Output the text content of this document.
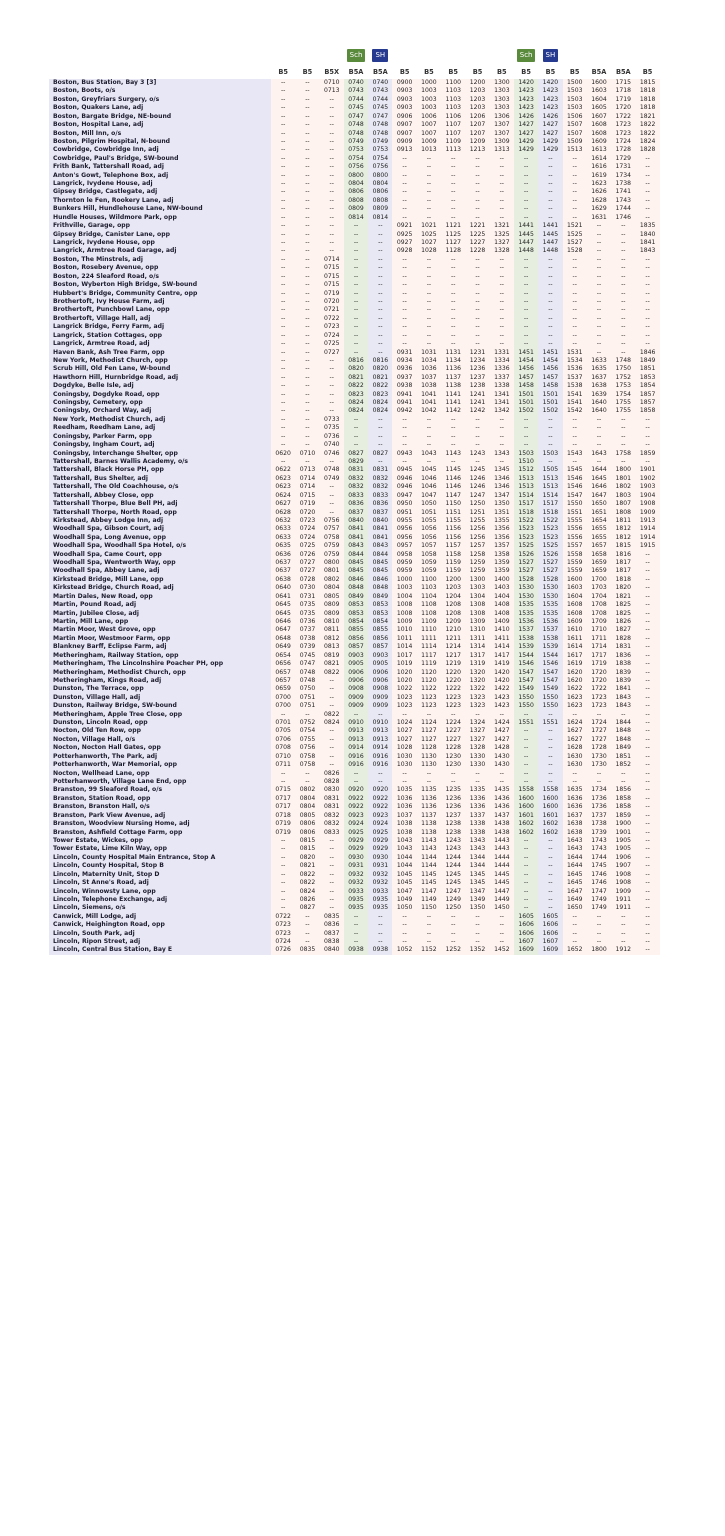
				Sch	SH						Sch	SH				
	B5	B5	B5X	B5A	B5A	B5	B5	B5	B5	B5	B5	B5	B5	B5A	B5A	B5
Boston, Bus Station, Bay 3 [3]	--	--	0710	0740	0740	0900	1000	1100	1200	1300	1420	1420	1500	1600	1715	1815
Boston, Boots, o/s	--	--	0713	0743	0743	0903	1003	1103	1203	1303	1423	1423	1503	1603	1718	1818
Boston, Greyfriars Surgery, o/s	--	--	--	0744	0744	0903	1003	1103	1203	1303	1423	1423	1503	1604	1719	1818
Boston, Quakers Lane, adj	--	--	--	0745	0745	0903	1003	1103	1203	1303	1423	1423	1503	1605	1720	1818
Boston, Bargate Bridge, NE-bound	--	--	--	0747	0747	0906	1006	1106	1206	1306	1426	1426	1506	1607	1722	1821
Boston, Hospital Lane, adj	--	--	--	0748	0748	0907	1007	1107	1207	1307	1427	1427	1507	1608	1723	1822
Boston, Mill Inn, o/s	--	--	--	0748	0748	0907	1007	1107	1207	1307	1427	1427	1507	1608	1723	1822
Boston, Pilgrim Hospital, N-bound	--	--	--	0749	0749	0909	1009	1109	1209	1309	1429	1429	1509	1609	1724	1824
Cowbridge, Cowbridge Inn, adj	--	--	--	0753	0753	0913	1013	1113	1213	1313	1429	1429	1513	1613	1728	1828
Cowbridge, Paul's Bridge, SW-bound	--	--	--	0754	0754	--	--	--	--	--	--	--	--	1614	1729	--
Frith Bank, Tattershall Road, adj	--	--	--	0756	0756	--	--	--	--	--	--	--	--	1616	1731	--
Anton's Gowt, Telephone Box, adj	--	--	--	0800	0800	--	--	--	--	--	--	--	--	1619	1734	--
Langrick, Ivydene House, adj	--	--	--	0804	0804	--	--	--	--	--	--	--	--	1623	1738	--
Gipsey Bridge, Castlegate, adj	--	--	--	0806	0806	--	--	--	--	--	--	--	--	1626	1741	--
Thornton le Fen, Rookery Lane, adj	--	--	--	0808	0808	--	--	--	--	--	--	--	--	1628	1743	--
Bunkers Hill, Hundlehouse Lane, NW-bound	--	--	--	0809	0809	--	--	--	--	--	--	--	--	1629	1744	--
Hundle Houses, Wildmore Park, opp	--	--	--	0814	0814	--	--	--	--	--	--	--	--	1631	1746	--
Frithville, Garage, opp	--	--	--	--	--	0921	1021	1121	1221	1321	1441	1441	1521	--	--	1835
Gipsey Bridge, Canister Lane, opp	--	--	--	--	--	0925	1025	1125	1225	1325	1445	1445	1525	--	--	1840
Langrick, Ivydene House, opp	--	--	--	--	--	0927	1027	1127	1227	1327	1447	1447	1527	--	--	1841
Langrick, Armtree Road Garage, adj	--	--	--	--	--	0928	1028	1128	1228	1328	1448	1448	1528	--	--	1843
Boston, The Minstrels, adj	--	--	0714	--	--	--	--	--	--	--	--	--	--	--	--	--
Boston, Rosebery Avenue, opp	--	--	0715	--	--	--	--	--	--	--	--	--	--	--	--	--
Boston, 224 Sleaford Road, o/s	--	--	0715	--	--	--	--	--	--	--	--	--	--	--	--	--
Boston, Wyberton High Bridge, SW-bound	--	--	0715	--	--	--	--	--	--	--	--	--	--	--	--	--
Hubbert's Bridge, Community Centre, opp	--	--	0719	--	--	--	--	--	--	--	--	--	--	--	--	--
Brothertoft, Ivy House Farm, adj	--	--	0720	--	--	--	--	--	--	--	--	--	--	--	--	--
Brothertoft, Punchbowl Lane, opp	--	--	0721	--	--	--	--	--	--	--	--	--	--	--	--	--
Brothertoft, Village Hall, adj	--	--	0722	--	--	--	--	--	--	--	--	--	--	--	--	--
Langrick Bridge, Ferry Farm, adj	--	--	0723	--	--	--	--	--	--	--	--	--	--	--	--	--
Langrick, Station Cottages, opp	--	--	0724	--	--	--	--	--	--	--	--	--	--	--	--	--
Langrick, Armtree Road, adj	--	--	0725	--	--	--	--	--	--	--	--	--	--	--	--	--
Haven Bank, Ash Tree Farm, opp	--	--	0727	--	--	0931	1031	1131	1231	1331	1451	1451	1531	--	--	1846
New York, Methodist Church, opp	--	--	--	0816	0816	0934	1034	1134	1234	1334	1454	1454	1534	1633	1748	1849
Scrub Hill, Old Fen Lane, W-bound	--	--	--	0820	0820	0936	1036	1136	1236	1336	1456	1456	1536	1635	1750	1851
Hawthorn Hill, Hurnbridge Road, adj	--	--	--	0821	0821	0937	1037	1137	1237	1337	1457	1457	1537	1637	1752	1853
Dogdyke, Belle Isle, adj	--	--	--	0822	0822	0938	1038	1138	1238	1338	1458	1458	1538	1638	1753	1854
Coningsby, Dogdyke Road, opp	--	--	--	0823	0823	0941	1041	1141	1241	1341	1501	1501	1541	1639	1754	1857
Coningsby, Cemetery, opp	--	--	--	0824	0824	0941	1041	1141	1241	1341	1501	1501	1541	1640	1755	1857
Coningsby, Orchard Way, adj	--	--	--	0824	0824	0942	1042	1142	1242	1342	1502	1502	1542	1640	1755	1858
New York, Methodist Church, adj	--	--	0733	--	--	--	--	--	--	--	--	--	--	--	--	--
Reedham, Reedham Lane, adj	--	--	0735	--	--	--	--	--	--	--	--	--	--	--	--	--
Coningsby, Parker Farm, opp	--	--	0736	--	--	--	--	--	--	--	--	--	--	--	--	--
Coningsby, Ingham Court, adj	--	--	0740	--	--	--	--	--	--	--	--	--	--	--	--	--
Coningsby, Interchange Shelter, opp	0620	0710	0746	0827	0827	0943	1043	1143	1243	1343	1503	1503	1543	1643	1758	1859
Tattershall, Barnes Wallis Academy, o/s	--	--	--	0829	--	--	--	--	--	--	1510	--	--	--	--	--
Tattershall, Black Horse PH, opp	0622	0713	0748	0831	0831	0945	1045	1145	1245	1345	1512	1505	1545	1644	1800	1901
Tattershall, Bus Shelter, adj	0623	0714	0749	0832	0832	0946	1046	1146	1246	1346	1513	1513	1546	1645	1801	1902
Tattershall, The Old Coachhouse, o/s	0623	0714	--	0832	0832	0946	1046	1146	1246	1346	1513	1513	1546	1646	1802	1903
Tattershall, Abbey Close, opp	0624	0715	--	0833	0833	0947	1047	1147	1247	1347	1514	1514	1547	1647	1803	1904
Tattershall Thorpe, Blue Bell PH, adj	0627	0719	--	0836	0836	0950	1050	1150	1250	1350	1517	1517	1550	1650	1807	1908
Tattershall Thorpe, North Road, opp	0628	0720	--	0837	0837	0951	1051	1151	1251	1351	1518	1518	1551	1651	1808	1909
Kirkstead, Abbey Lodge Inn, adj	0632	0723	0756	0840	0840	0955	1055	1155	1255	1355	1522	1522	1555	1654	1811	1913
Woodhall Spa, Gibson Court, adj	0633	0724	0757	0841	0841	0956	1056	1156	1256	1356	1523	1523	1556	1655	1812	1914
Woodhall Spa, Long Avenue, opp	0633	0724	0758	0841	0841	0956	1056	1156	1256	1356	1523	1523	1556	1655	1812	1914
Woodhall Spa, Woodhall Spa Hotel, o/s	0635	0725	0759	0843	0843	0957	1057	1157	1257	1357	1525	1525	1557	1657	1815	1915
Woodhall Spa, Came Court, opp	0636	0726	0759	0844	0844	0958	1058	1158	1258	1358	1526	1526	1558	1658	1816	--
Woodhall Spa, Wentworth Way, opp	0637	0727	0800	0845	0845	0959	1059	1159	1259	1359	1527	1527	1559	1659	1817	--
Woodhall Spa, Abbey Lane, adj	0637	0727	0801	0845	0845	0959	1059	1159	1259	1359	1527	1527	1559	1659	1817	--
Kirkstead Bridge, Mill Lane, opp	0638	0728	0802	0846	0846	1000	1100	1200	1300	1400	1528	1528	1600	1700	1818	--
Kirkstead Bridge, Church Road, adj	0640	0730	0804	0848	0848	1003	1103	1203	1303	1403	1530	1530	1603	1703	1820	--
Martin Dales, New Road, opp	0641	0731	0805	0849	0849	1004	1104	1204	1304	1404	1530	1530	1604	1704	1821	--
Martin, Pound Road, adj	0645	0735	0809	0853	0853	1008	1108	1208	1308	1408	1535	1535	1608	1708	1825	--
Martin, Jubilee Close, adj	0645	0735	0809	0853	0853	1008	1108	1208	1308	1408	1535	1535	1608	1708	1825	--
Martin, Mill Lane, opp	0646	0736	0810	0854	0854	1009	1109	1209	1309	1409	1536	1536	1609	1709	1826	--
Martin Moor, West Grove, opp	0647	0737	0811	0855	0855	1010	1110	1210	1310	1410	1537	1537	1610	1710	1827	--
Martin Moor, Westmoor Farm, opp	0648	0738	0812	0856	0856	1011	1111	1211	1311	1411	1538	1538	1611	1711	1828	--
Blankney Barff, Eclipse Farm, adj	0649	0739	0813	0857	0857	1014	1114	1214	1314	1414	1539	1539	1614	1714	1831	--
Metheringham, Railway Station, opp	0654	0745	0819	0903	0903	1017	1117	1217	1317	1417	1544	1544	1617	1717	1836	--
Metheringham, The Lincolnshire Poacher PH, opp	0656	0747	0821	0905	0905	1019	1119	1219	1319	1419	1546	1546	1619	1719	1838	--
Metheringham, Methodist Church, opp	0657	0748	0822	0906	0906	1020	1120	1220	1320	1420	1547	1547	1620	1720	1839	--
Metheringham, Kings Road, adj	0657	0748	--	0906	0906	1020	1120	1220	1320	1420	1547	1547	1620	1720	1839	--
Dunston, The Terrace, opp	0659	0750	--	0908	0908	1022	1122	1222	1322	1422	1549	1549	1622	1722	1841	--
Dunston, Village Hall, adj	0700	0751	--	0909	0909	1023	1123	1223	1323	1423	1550	1550	1623	1723	1843	--
Dunston, Railway Bridge, SW-bound	0700	0751	--	0909	0909	1023	1123	1223	1323	1423	1550	1550	1623	1723	1843	--
Metheringham, Apple Tree Close, opp	--	--	0822	--	--	--	--	--	--	--	--	--	--	--	--	--
Dunston, Lincoln Road, opp	0701	0752	0824	0910	0910	1024	1124	1224	1324	1424	1551	1551	1624	1724	1844	--
Nocton, Old Ten Row, opp	0705	0754	--	0913	0913	1027	1127	1227	1327	1427	--	--	1627	1727	1848	--
Nocton, Village Hall, o/s	0706	0755	--	0913	0913	1027	1127	1227	1327	1427	--	--	1627	1727	1848	--
Nocton, Nocton Hall Gates, opp	0708	0756	--	0914	0914	1028	1128	1228	1328	1428	--	--	1628	1728	1849	--
Potterhanworth, The Park, adj	0710	0758	--	0916	0916	1030	1130	1230	1330	1430	--	--	1630	1730	1851	--
Potterhanworth, War Memorial, opp	0711	0758	--	0916	0916	1030	1130	1230	1330	1430	--	--	1630	1730	1852	--
Nocton, Wellhead Lane, opp	--	--	0826	--	--	--	--	--	--	--	--	--	--	--	--	--
Potterhanworth, Village Lane End, opp	--	--	0828	--	--	--	--	--	--	--	--	--	--	--	--	--
Branston, 99 Sleaford Road, o/s	0715	0802	0830	0920	0920	1035	1135	1235	1335	1435	1558	1558	1635	1734	1856	--
Branston, Station Road, opp	0717	0804	0831	0922	0922	1036	1136	1236	1336	1436	1600	1600	1636	1736	1858	--
Branston, Branston Hall, o/s	0717	0804	0831	0922	0922	1036	1136	1236	1336	1436	1600	1600	1636	1736	1858	--
Branston, Park View Avenue, adj	0718	0805	0832	0923	0923	1037	1137	1237	1337	1437	1601	1601	1637	1737	1859	--
Branston, Woodview Nursing Home, adj	0719	0806	0832	0924	0924	1038	1138	1238	1338	1438	1602	1602	1638	1738	1900	--
Branston, Ashfield Cottage Farm, opp	0719	0806	0833	0925	0925	1038	1138	1238	1338	1438	1602	1602	1638	1739	1901	--
Tower Estate, Wickes, opp	--	0815	--	0929	0929	1043	1143	1243	1343	1443	--	--	1643	1743	1905	--
Tower Estate, Lime Kiln Way, opp	--	0815	--	0929	0929	1043	1143	1243	1343	1443	--	--	1643	1743	1905	--
Lincoln, County Hospital Main Entrance, Stop A	--	0820	--	0930	0930	1044	1144	1244	1344	1444	--	--	1644	1744	1906	--
Lincoln, County Hospital, Stop B	--	0821	--	0931	0931	1044	1144	1244	1344	1444	--	--	1644	1745	1907	--
Lincoln, Maternity Unit, Stop D	--	0822	--	0932	0932	1045	1145	1245	1345	1445	--	--	1645	1746	1908	--
Lincoln, St Anne's Road, adj	--	0822	--	0932	0932	1045	1145	1245	1345	1445	--	--	1645	1746	1908	--
Lincoln, Winnowsty Lane, opp	--	0824	--	0933	0933	1047	1147	1247	1347	1447	--	--	1647	1747	1909	--
Lincoln, Telephone Exchange, adj	--	0826	--	0935	0935	1049	1149	1249	1349	1449	--	--	1649	1749	1911	--
Lincoln, Siemens, o/s	--	0827	--	0935	0935	1050	1150	1250	1350	1450	--	--	1650	1749	1911	--
Canwick, Mill Lodge, adj	0722	--	0835	--	--	--	--	--	--	--	1605	1605	--	--	--	--
Canwick, Heighington Road, opp	0723	--	0836	--	--	--	--	--	--	--	1606	1606	--	--	--	--
Lincoln, South Park, adj	0723	--	0837	--	--	--	--	--	--	--	1606	1606	--	--	--	--
Lincoln, Ripon Street, adj	0724	--	0838	--	--	--	--	--	--	--	1607	1607	--	--	--	--
Lincoln, Central Bus Station, Bay E	0726	0835	0840	0938	0938	1052	1152	1252	1352	1452	1609	1609	1652	1800	1912	--
